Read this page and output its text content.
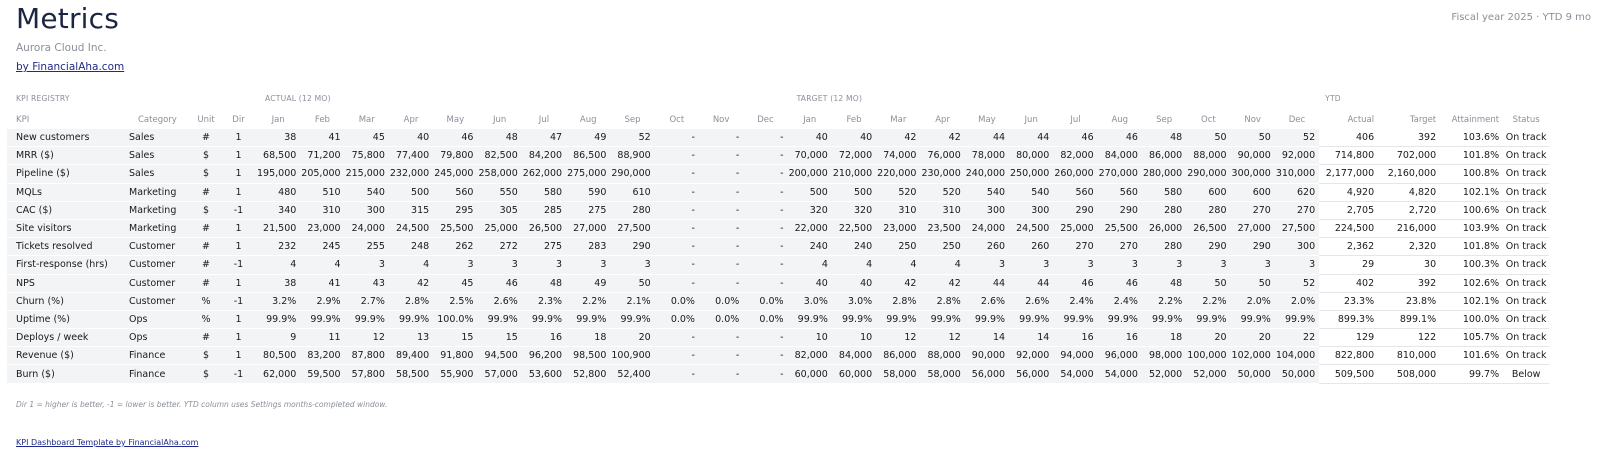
Metrics
Aurora Cloud Inc.
by FinancialAha.com
Fiscal year 2025 · YTD 9 mo
KPI REGISTRY				ACTUAL (12 MO)												TARGET (12 MO)												YTD			

KPI	Category	Unit	Dir	Jan	Feb	Mar	Apr	May	Jun	Jul	Aug	Sep	Oct	Nov	Dec	Jan	Feb	Mar	Apr	May	Jun	Jul	Aug	Sep	Oct	Nov	Dec	Actual	Target	Attainment	Status
New customers	Sales	#	1	38	41	45	40	46	48	47	49	52	-	-	-	40	40	42	42	44	44	46	46	48	50	50	52	406	392	103.6%	On track
MRR ($)	Sales	$	1	68,500	71,200	75,800	77,400	79,800	82,500	84,200	86,500	88,900	-	-	-	70,000	72,000	74,000	76,000	78,000	80,000	82,000	84,000	86,000	88,000	90,000	92,000	714,800	702,000	101.8%	On track
Pipeline ($)	Sales	$	1	195,000	205,000	215,000	232,000	245,000	258,000	262,000	275,000	290,000	-	-	-	200,000	210,000	220,000	230,000	240,000	250,000	260,000	270,000	280,000	290,000	300,000	310,000	2,177,000	2,160,000	100.8%	On track
MQLs	Marketing	#	1	480	510	540	500	560	550	580	590	610	-	-	-	500	500	520	520	540	540	560	560	580	600	600	620	4,920	4,820	102.1%	On track
CAC ($)	Marketing	$	-1	340	310	300	315	295	305	285	275	280	-	-	-	320	320	310	310	300	300	290	290	280	280	270	270	2,705	2,720	100.6%	On track
Site visitors	Marketing	#	1	21,500	23,000	24,000	24,500	25,500	25,000	26,500	27,000	27,500	-	-	-	22,000	22,500	23,000	23,500	24,000	24,500	25,000	25,500	26,000	26,500	27,000	27,500	224,500	216,000	103.9%	On track
Tickets resolved	Customer	#	1	232	245	255	248	262	272	275	283	290	-	-	-	240	240	250	250	260	260	270	270	280	290	290	300	2,362	2,320	101.8%	On track
First-response (hrs)	Customer	#	-1	4	4	3	4	3	3	3	3	3	-	-	-	4	4	4	4	3	3	3	3	3	3	3	3	29	30	100.3%	On track
NPS	Customer	#	1	38	41	43	42	45	46	48	49	50	-	-	-	40	40	42	42	44	44	46	46	48	50	50	52	402	392	102.6%	On track
Churn (%)	Customer	%	-1	3.2%	2.9%	2.7%	2.8%	2.5%	2.6%	2.3%	2.2%	2.1%	0.0%	0.0%	0.0%	3.0%	3.0%	2.8%	2.8%	2.6%	2.6%	2.4%	2.4%	2.2%	2.2%	2.0%	2.0%	23.3%	23.8%	102.1%	On track
Uptime (%)	Ops	%	1	99.9%	99.9%	99.9%	99.9%	100.0%	99.9%	99.9%	99.9%	99.9%	0.0%	0.0%	0.0%	99.9%	99.9%	99.9%	99.9%	99.9%	99.9%	99.9%	99.9%	99.9%	99.9%	99.9%	99.9%	899.3%	899.1%	100.0%	On track
Deploys / week	Ops	#	1	9	11	12	13	15	15	16	18	20	-	-	-	10	10	12	12	14	14	16	16	18	20	20	22	129	122	105.7%	On track
Revenue ($)	Finance	$	1	80,500	83,200	87,800	89,400	91,800	94,500	96,200	98,500	100,900	-	-	-	82,000	84,000	86,000	88,000	90,000	92,000	94,000	96,000	98,000	100,000	102,000	104,000	822,800	810,000	101.6%	On track
Burn ($)	Finance	$	-1	62,000	59,500	57,800	58,500	55,900	57,000	53,600	52,800	52,400	-	-	-	60,000	60,000	58,000	58,000	56,000	56,000	54,000	54,000	52,000	52,000	50,000	50,000	509,500	508,000	99.7%	Below
Dir 1 = higher is better, -1 = lower is better. YTD column uses Settings months-completed window.
KPI Dashboard Template by FinancialAha.com
